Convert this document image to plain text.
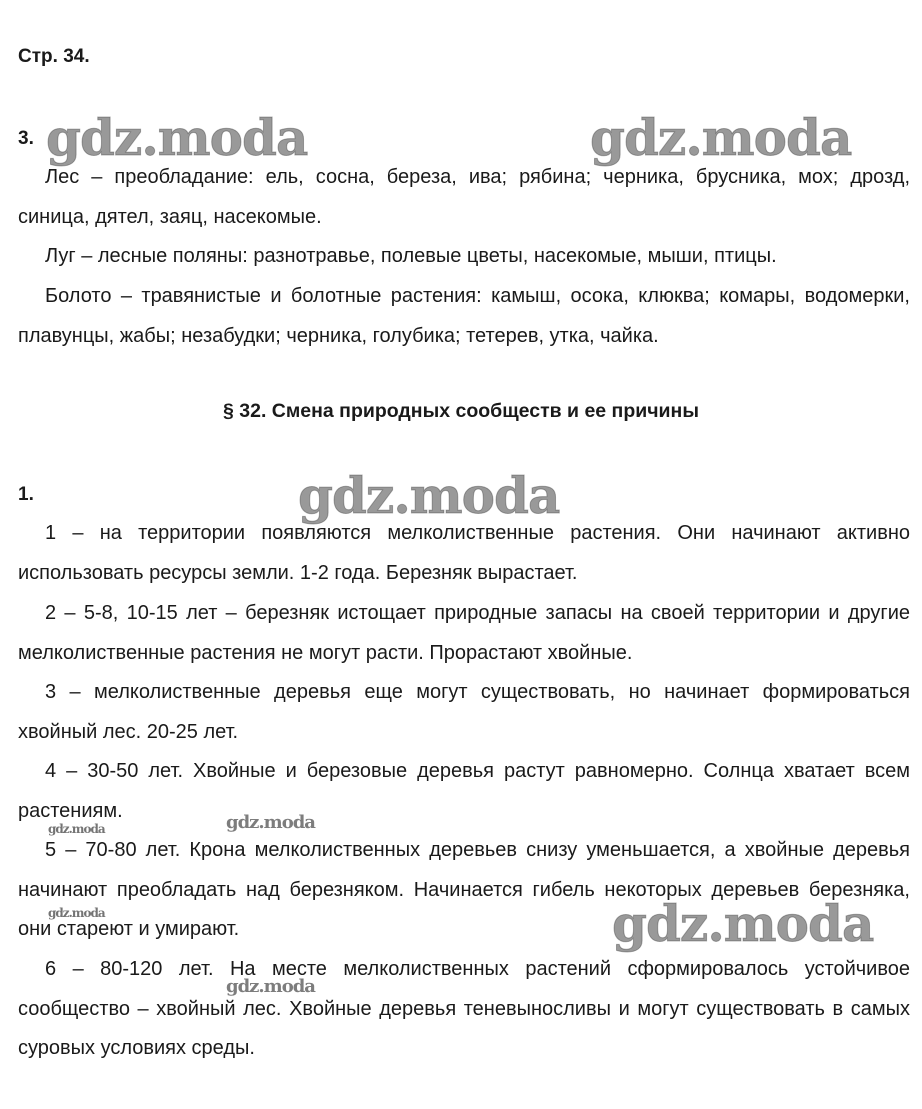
Стр. 34.
3.

Лес – преобладание: ель, сосна, береза, ива; рябина; черника, брусника, мох; дрозд, синица, дятел, заяц, насекомые.

Луг – лесные поляны: разнотравье, полевые цветы, насекомые, мыши, птицы.

Болото – травянистые и болотные растения: камыш, осока, клюква; комары, водомерки, плавунцы, жабы; незабудки; черника, голубика; тетерев, утка, чайка.

§ 32. Смена природных сообществ и ее причины
1.

1 – на территории появляются мелколиственные растения. Они начинают активно использовать ресурсы земли. 1-2 года. Березняк вырастает.

2 – 5-8, 10-15 лет – березняк истощает природные запасы на своей территории и другие мелколиственные растения не могут расти. Прорастают хвойные.

3 – мелколиственные деревья еще могут существовать, но начинает формироваться хвойный лес. 20-25 лет.

4 – 30-50 лет. Хвойные и березовые деревья растут равномерно. Солнца хватает всем растениям.

5 – 70-80 лет. Крона мелколиственных деревьев снизу уменьшается, а хвойные деревья начинают преобладать над березняком. Начинается гибель некоторых деревьев березняка, они стареют и умирают.

6 – 80-120 лет. На месте мелколиственных растений сформировалось устойчивое сообщество – хвойный лес. Хвойные деревья теневыносливы и могут существовать в самых суровых условиях среды.

gdz.moda	gdz.moda
gdz.moda
gdz.moda
gdz.moda
gdz.moda	gdz.moda
gdz.moda
